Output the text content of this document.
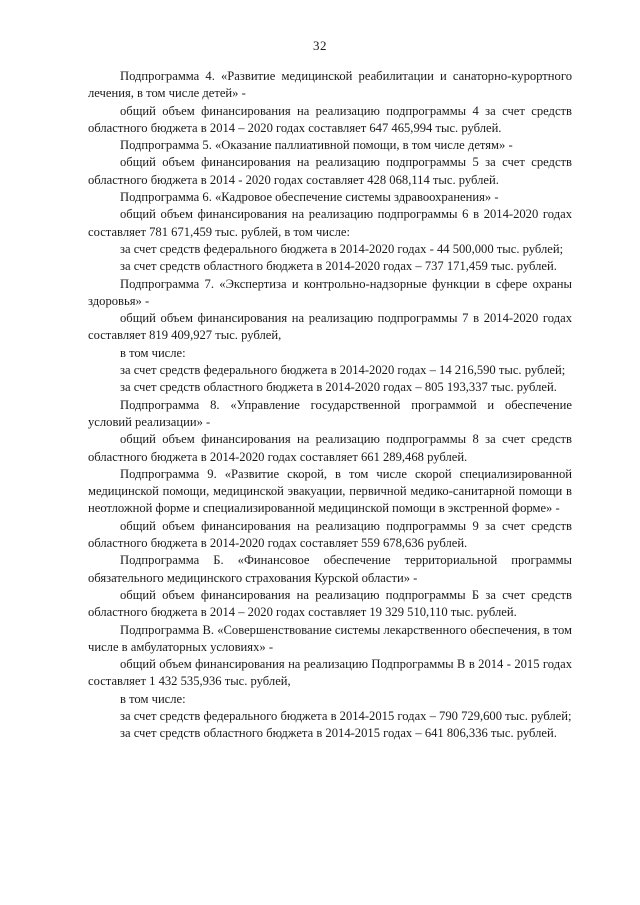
32

Подпрограмма 4. «Развитие медицинской реабилитации и санаторно-курортного лечения, в том числе детей» -

общий объем финансирования на реализацию подпрограммы 4 за счет средств областного бюджета в 2014 – 2020 годах составляет 647 465,994 тыс. рублей.

Подпрограмма 5. «Оказание паллиативной помощи, в том числе детям» -

общий объем финансирования на реализацию подпрограммы 5 за счет средств областного бюджета в 2014 - 2020 годах составляет 428 068,114 тыс. рублей.

Подпрограмма 6. «Кадровое обеспечение системы здравоохранения» -

общий объем финансирования на реализацию подпрограммы 6 в 2014-2020 годах составляет 781 671,459 тыс. рублей, в том числе:

за счет средств федерального бюджета в 2014-2020 годах - 44 500,000 тыс. рублей;

за счет средств областного бюджета в 2014-2020 годах – 737 171,459 тыс. рублей.

Подпрограмма 7. «Экспертиза и контрольно-надзорные функции в сфере охраны здоровья» -

общий объем финансирования на реализацию подпрограммы 7 в 2014-2020 годах составляет 819 409,927 тыс. рублей,

в том числе:

за счет средств федерального бюджета в 2014-2020 годах – 14 216,590 тыс. рублей;

за счет средств областного бюджета в 2014-2020 годах – 805 193,337 тыс. рублей.

Подпрограмма 8. «Управление государственной программой и обеспечение условий реализации» -

общий объем финансирования на реализацию подпрограммы 8 за счет средств областного бюджета в 2014-2020 годах составляет 661 289,468 рублей.

Подпрограмма 9. «Развитие скорой, в том числе скорой специализированной медицинской помощи, медицинской эвакуации, первичной медико-санитарной помощи в неотложной форме и специализированной медицинской помощи в экстренной форме» -

общий объем финансирования на реализацию подпрограммы 9 за счет средств областного бюджета в 2014-2020 годах составляет 559 678,636 рублей.

Подпрограмма Б. «Финансовое обеспечение территориальной программы обязательного медицинского страхования Курской области» -

общий объем финансирования на реализацию подпрограммы Б за счет средств областного бюджета в 2014 – 2020 годах составляет 19 329 510,110 тыс. рублей.

Подпрограмма В. «Совершенствование системы лекарственного обеспечения, в том числе в амбулаторных условиях» -

общий объем финансирования на реализацию Подпрограммы В в 2014 - 2015 годах составляет 1 432 535,936 тыс. рублей,

в том числе:

за счет средств федерального бюджета в 2014-2015 годах – 790 729,600 тыс. рублей;

за счет средств областного бюджета в 2014-2015 годах – 641 806,336 тыс. рублей.
